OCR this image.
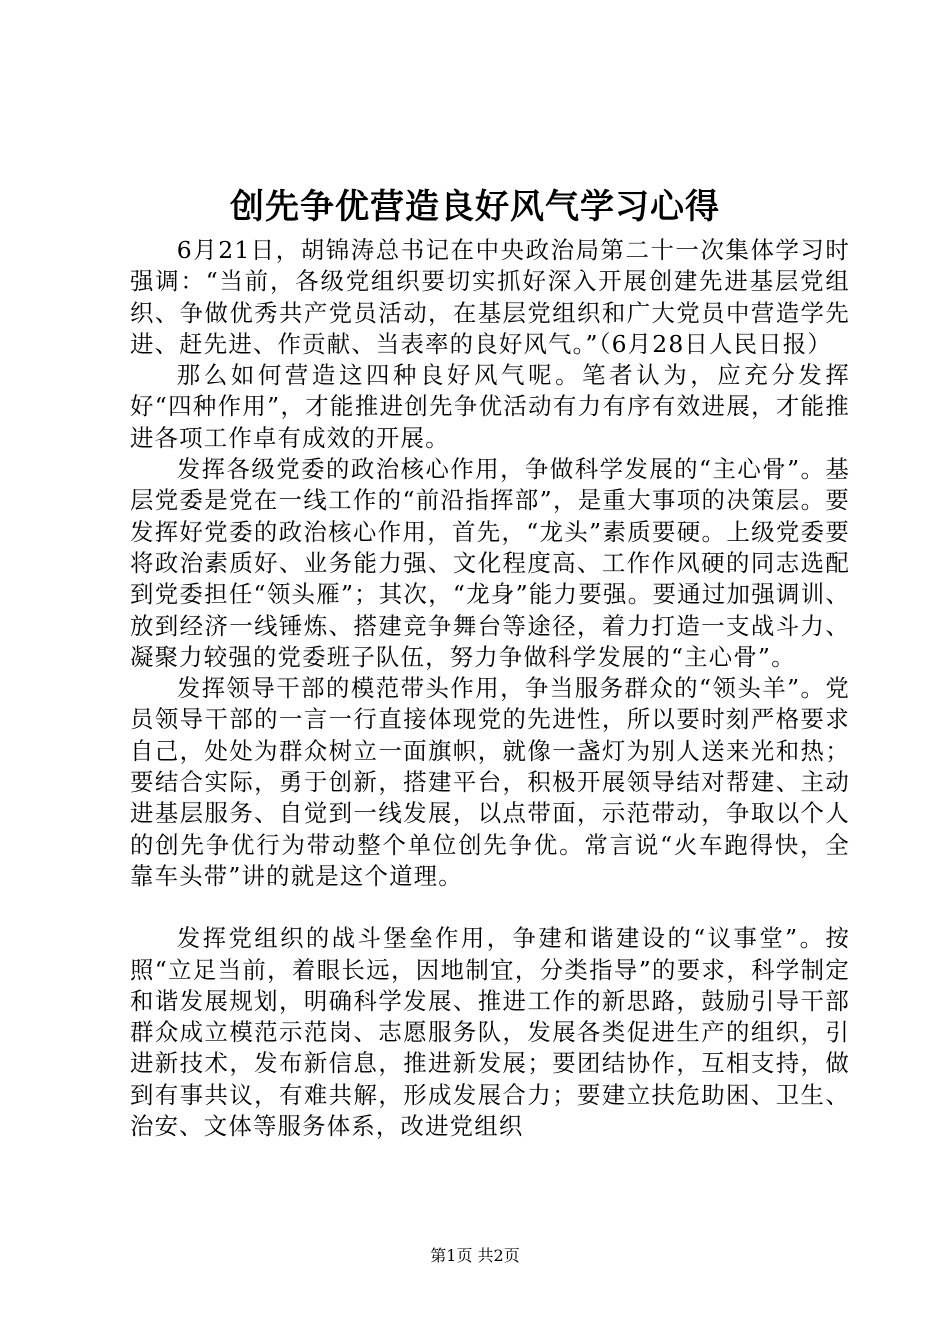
创先争优营造良好风气学习心得

6月21日，胡锦涛总书记在中央政治局第二十一次集体学习时强调：“当前，各级党组织要切实抓好深入开展创建先进基层党组织、争做优秀共产党员活动，在基层党组织和广大党员中营造学先进、赶先进、作贡献、当表率的良好风气。”（6月28日人民日报）

那么如何营造这四种良好风气呢。笔者认为，应充分发挥好“四种作用”，才能推进创先争优活动有力有序有效进展，才能推进各项工作卓有成效的开展。

发挥各级党委的政治核心作用，争做科学发展的“主心骨”。基层党委是党在一线工作的“前沿指挥部”，是重大事项的决策层。要发挥好党委的政治核心作用，首先，“龙头”素质要硬。上级党委要将政治素质好、业务能力强、文化程度高、工作作风硬的同志选配到党委担任“领头雁”；其次，“龙身”能力要强。要通过加强调训、放到经济一线锤炼、搭建竞争舞台等途径，着力打造一支战斗力、凝聚力较强的党委班子队伍，努力争做科学发展的“主心骨”。

发挥领导干部的模范带头作用，争当服务群众的“领头羊”。党员领导干部的一言一行直接体现党的先进性，所以要时刻严格要求自己，处处为群众树立一面旗帜，就像一盏灯为别人送来光和热；要结合实际，勇于创新，搭建平台，积极开展领导结对帮建、主动进基层服务、自觉到一线发展，以点带面，示范带动，争取以个人的创先争优行为带动整个单位创先争优。常言说“火车跑得快，全靠车头带”讲的就是这个道理。

发挥党组织的战斗堡垒作用，争建和谐建设的“议事堂”。按照“立足当前，着眼长远，因地制宜，分类指导”的要求，科学制定和谐发展规划，明确科学发展、推进工作的新思路，鼓励引导干部群众成立模范示范岗、志愿服务队，发展各类促进生产的组织，引进新技术，发布新信息，推进新发展；要团结协作，互相支持，做到有事共议，有难共解，形成发展合力；要建立扶危助困、卫生、治安、文体等服务体系，改进党组织

第1页 共2页
